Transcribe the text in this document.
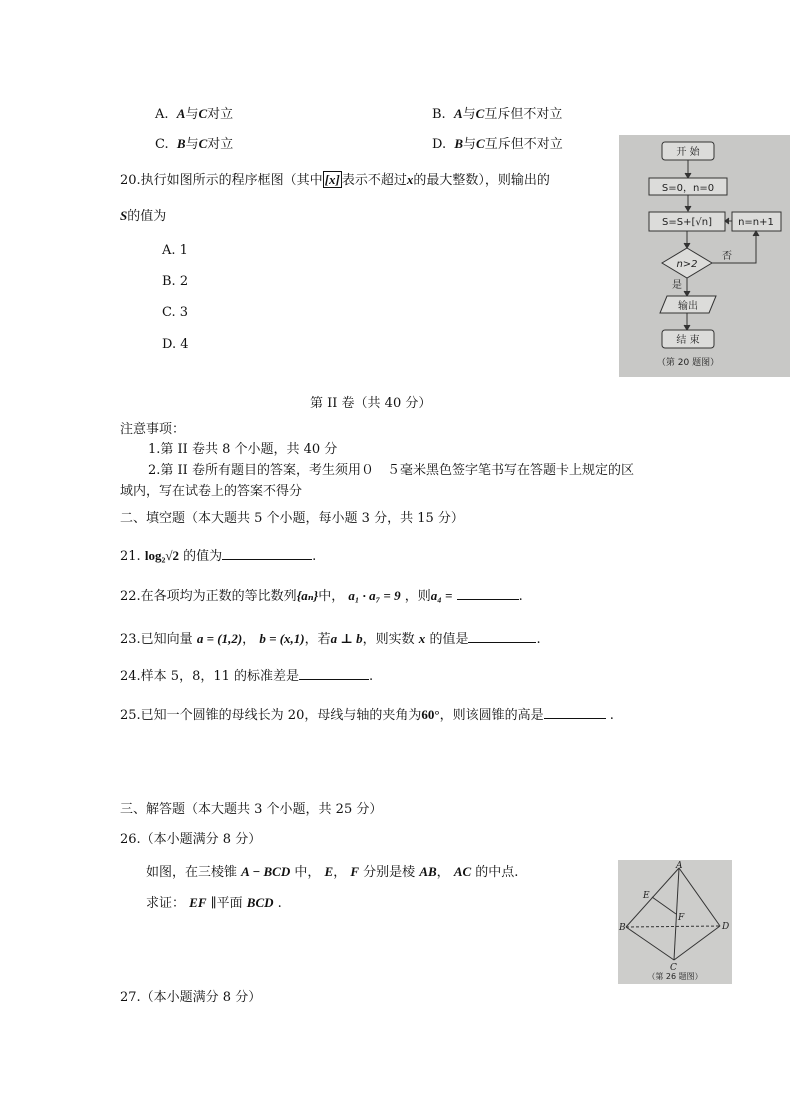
A. A与C对立	B. A与C互斥但不对立
C. B与C对立	D. B与C互斥但不对立
20.执行如图所示的程序框图（其中 [x] 表示不超过x的最大整数），则输出的
S的值为
A. 1
B. 2
C. 3
D. 4
开 始
S=0，n=0
S=S+[√n]	n=n+1
n>2
否
是
输出
结 束
（第 20 题图）
第 II 卷（共 40 分）
注意事项：
1.第 II 卷共 8 个小题，共 40 分
2.第 II 卷所有题目的答案，考生须用０　５毫米黑色签字笔书写在答题卡上规定的区
域内，写在试卷上的答案不得分
二、填空题（本大题共 5 个小题，每小题 3 分，共 15 分）
21. log₂√2 的值为	.
22.在各项均为正数的等比数列{aₙ}中， a₁ · a₇ = 9 ，则a₄ =	.
23.已知向量 a = (1,2)， b = (x,1)，若a ⊥ b，则实数 x 的值是	.
24.样本 5，8，11 的标准差是	.
25.已知一个圆锥的母线长为 20，母线与轴的夹角为60°，则该圆锥的高是	.
三、解答题（本大题共 3 个小题，共 25 分）
26.（本小题满分 8 分）
如图，在三棱锥 A − BCD 中， E， F 分别是棱 AB， AC 的中点.
求证： EF ∥平面 BCD .
A
B
C
D
E
F
（第 26 题图）
27.（本小题满分 8 分）
